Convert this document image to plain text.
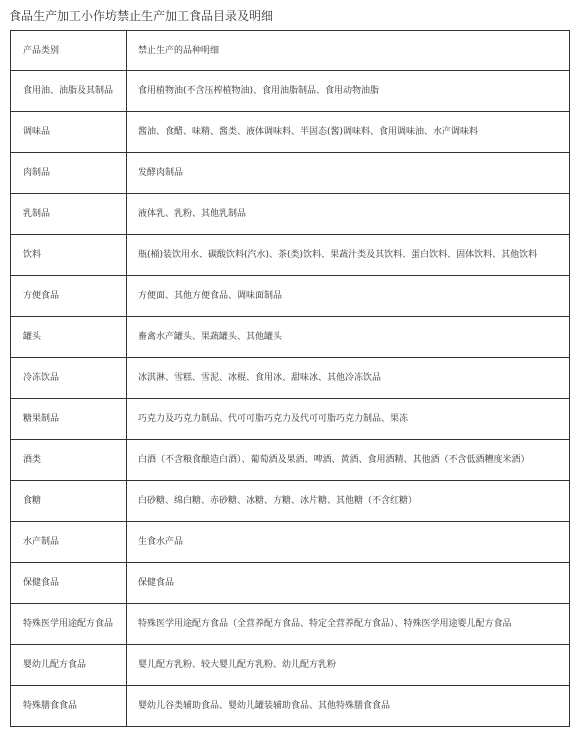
食品生产加工小作坊禁止生产加工食品目录及明细
产品类别	禁止生产的品种明细
食用油、油脂及其制品	食用植物油(不含压榨植物油)、食用油脂制品、食用动物油脂
调味品	酱油、食醋、味精、酱类、液体调味料、半固态(酱)调味料、食用调味油、水产调味料
肉制品	发酵肉制品
乳制品	液体乳、乳粉、其他乳制品
饮料	瓶(桶)装饮用水、碳酸饮料(汽水)、茶(类)饮料、果蔬汁类及其饮料、蛋白饮料、固体饮料、其他饮料
方便食品	方便面、其他方便食品、调味面制品
罐头	畜禽水产罐头、果蔬罐头、其他罐头
冷冻饮品	冰淇淋、雪糕、雪泥、冰棍、食用冰、甜味冰、其他冷冻饮品
糖果制品	巧克力及巧克力制品、代可可脂巧克力及代可可脂巧克力制品、果冻
酒类	白酒（不含粮食酿造白酒）、葡萄酒及果酒、啤酒、黄酒、食用酒精、其他酒（不含低酒糟度米酒）
食糖	白砂糖、绵白糖、赤砂糖、冰糖、方糖、冰片糖、其他糖（不含红糖）
水产制品	生食水产品
保健食品	保健食品
特殊医学用途配方食品	特殊医学用途配方食品（全营养配方食品、特定全营养配方食品）、特殊医学用途婴儿配方食品
婴幼儿配方食品	婴儿配方乳粉、较大婴儿配方乳粉、幼儿配方乳粉
特殊膳食食品	婴幼儿谷类辅助食品、婴幼儿罐装辅助食品、其他特殊膳食食品
